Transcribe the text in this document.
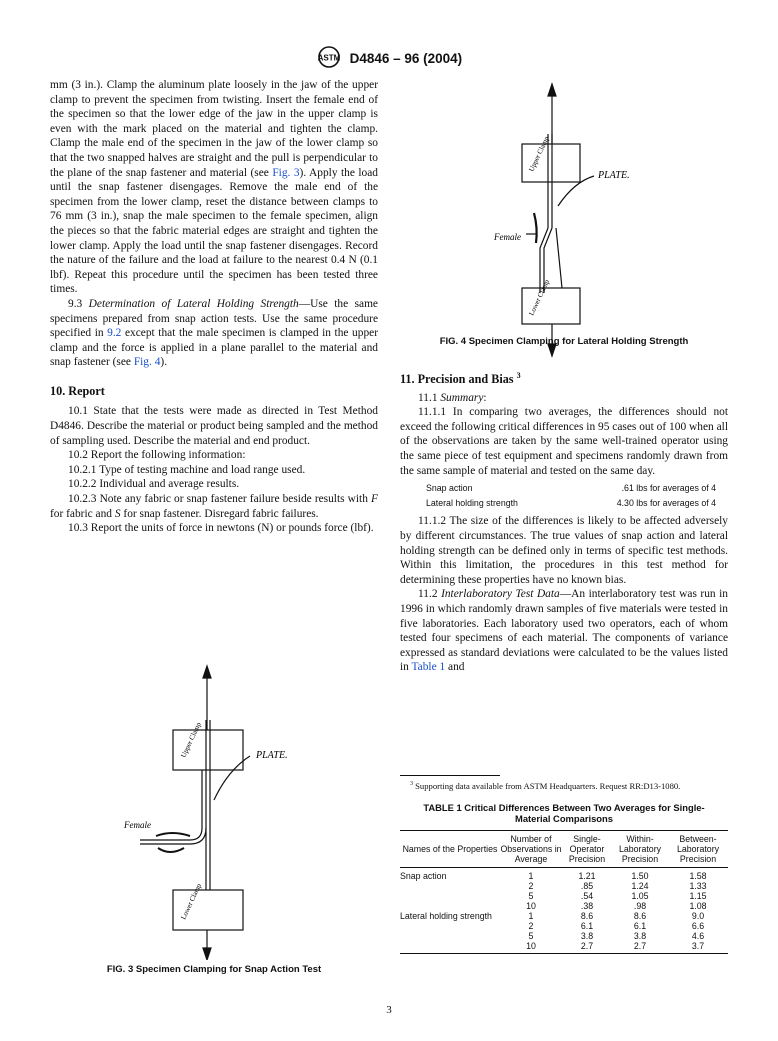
ASTM D4846 – 96 (2004)

mm (3 in.). Clamp the aluminum plate loosely in the jaw of the upper clamp to prevent the specimen from twisting. Insert the female end of the specimen so that the lower edge of the jaw in the upper clamp is even with the mark placed on the material and tighten the clamp. Clamp the male end of the specimen in the jaw of the lower clamp so that the two snapped halves are straight and the pull is perpendicular to the plane of the snap fastener and material (see Fig. 3). Apply the load until the snap fastener disengages. Remove the male end of the specimen from the lower clamp, reset the distance between clamps to 76 mm (3 in.), snap the male specimen to the female specimen, align the pieces so that the fabric material edges are straight and tighten the lower clamp. Apply the load until the snap fastener disengages. Record the nature of the failure and the load at failure to the nearest 0.4 N (0.1 lbf). Repeat this procedure until the specimen has been tested three times.

9.3 Determination of Lateral Holding Strength—Use the same specimens prepared from snap action tests. Use the same procedure specified in 9.2 except that the male specimen is clamped in the upper clamp and the force is applied in a plane parallel to the material and snap fastener (see Fig. 4).

10. Report

10.1 State that the tests were made as directed in Test Method D4846. Describe the material or product being sampled and the method of sampling used. Describe the material and end product.

10.2 Report the following information:

10.2.1 Type of testing machine and load range used.

10.2.2 Individual and average results.

10.2.3 Note any fabric or snap fastener failure beside results with F for fabric and S for snap fastener. Disregard fabric failures.

10.3 Report the units of force in newtons (N) or pounds force (lbf).

Upper Clamp
Lower Clamp
PLATE.
Female
FIG. 3 Specimen Clamping for Snap Action Test
Upper Clamp
Lower Clamp
PLATE.
Female
FIG. 4 Specimen Clamping for Lateral Holding Strength

11. Precision and Bias $^3$

11.1 Summary:

11.1.1 In comparing two averages, the differences should not exceed the following critical differences in 95 cases out of 100 when all of the observations are taken by the same well-trained operator using the same piece of test equipment and specimens randomly drawn from the same sample of material and tested on the same day.

Snap action	.61 lbs for averages of 4
Lateral holding strength	4.30 lbs for averages of 4

11.1.2 The size of the differences is likely to be affected adversely by different circumstances. The true values of snap action and lateral holding strength can be defined only in terms of specific test methods. Within this limitation, the procedures in this test method for determining these properties have no known bias.

11.2 Interlaboratory Test Data—An interlaboratory test was run in 1996 in which randomly drawn samples of five materials were tested in five laboratories. Each laboratory used two operators, each of whom tested four specimens of each material. The components of variance expressed as standard deviations were calculated to be the values listed in Table 1 and

$^3$ Supporting data available from ASTM Headquarters. Request RR:D13-1080.
TABLE 1 Critical Differences Between Two Averages for Single-Material Comparisons
Names of the Properties	Number of Observations in Average	Single-Operator Precision	Within-Laboratory Precision	Between-Laboratory Precision
Snap action	1	1.21	1.50	1.58
	2	.85	1.24	1.33
	5	.54	1.05	1.15
	10	.38	.98	1.08
Lateral holding strength	1	8.6	8.6	9.0
	2	6.1	6.1	6.6
	5	3.8	3.8	4.6
	10	2.7	2.7	3.7
3
